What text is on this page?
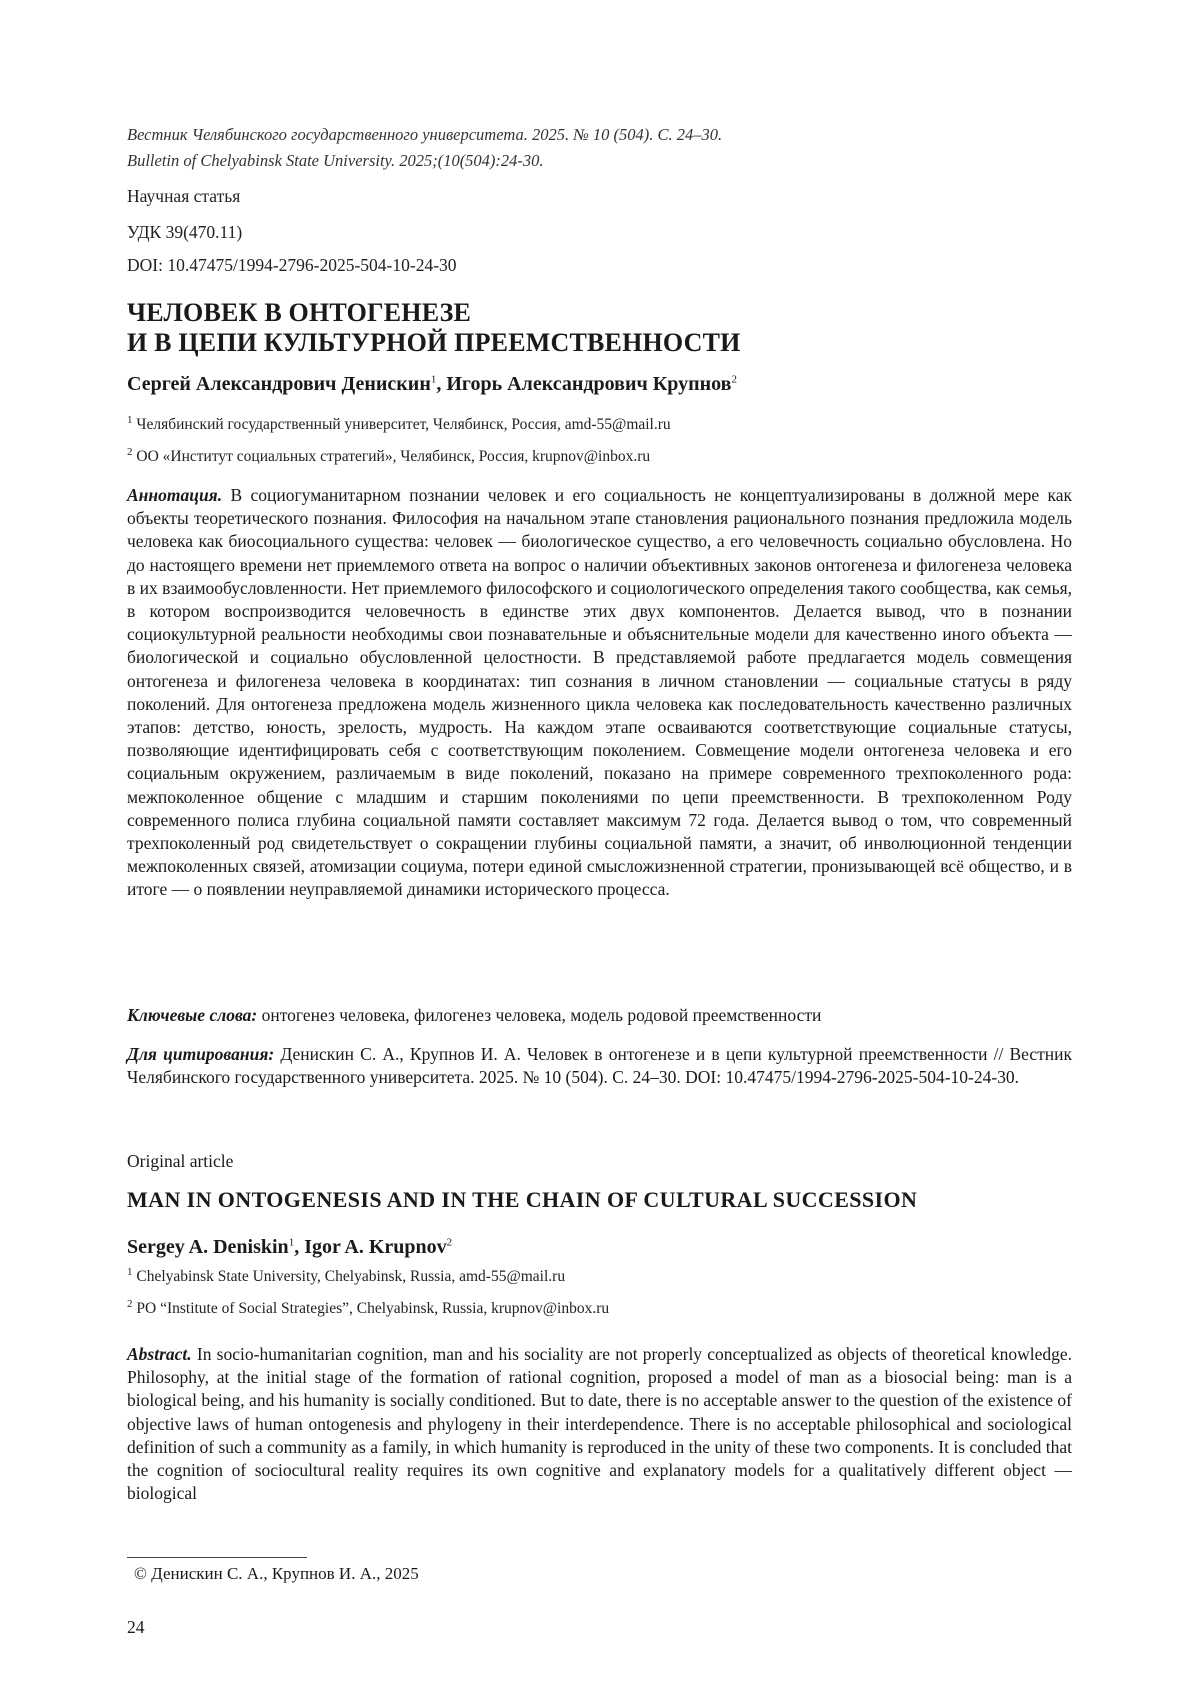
Вестник Челябинского государственного университета. 2025. № 10 (504). С. 24–30.
Bulletin of Chelyabinsk State University. 2025;(10(504):24-30.
Научная статья
УДК 39(470.11)
DOI: 10.47475/1994-2796-2025-504-10-24-30
ЧЕЛОВЕК В ОНТОГЕНЕЗЕ
И В ЦЕПИ КУЛЬТУРНОЙ ПРЕЕМСТВЕННОСТИ
Сергей Александрович Денискин$^1$, Игорь Александрович Крупнов$^2$
$^1$ Челябинский государственный университет, Челябинск, Россия, amd-55@mail.ru
$^2$ ОО «Институт социальных стратегий», Челябинск, Россия, krupnov@inbox.ru
Аннотация. В социогуманитарном познании человек и его социальность не концептуализированы в должной мере как объекты теоретического познания. Философия на начальном этапе становления рационального познания предложила модель человека как биосоциального существа: человек — биологическое существо, а его человечность социально обусловлена. Но до настоящего времени нет приемлемого ответа на вопрос о наличии объективных законов онтогенеза и филогенеза человека в их взаимообусловленности. Нет приемлемого философского и социологического определения такого сообщества, как семья, в котором воспроизводится человечность в единстве этих двух компонентов. Делается вывод, что в познании социокультурной реальности необходимы свои познавательные и объяснительные модели для качественно иного объекта — биологической и социально обусловленной целостности. В представляемой работе предлагается модель совмещения онтогенеза и филогенеза человека в координатах: тип сознания в личном становлении — социальные статусы в ряду поколений. Для онтогенеза предложена модель жизненного цикла человека как последовательность качественно различных этапов: детство, юность, зрелость, мудрость. На каждом этапе осваиваются соответствующие социальные статусы, позволяющие идентифицировать себя с соответствующим поколением. Совмещение модели онтогенеза человека и его социальным окружением, различаемым в виде поколений, показано на примере современного трехпоколенного рода: межпоколенное общение с младшим и старшим поколениями по цепи преемственности. В трехпоколенном Роду современного полиса глубина социальной памяти составляет максимум 72 года. Делается вывод о том, что современный трехпоколенный род свидетельствует о сокращении глубины социальной памяти, а значит, об инволюционной тенденции межпоколенных связей, атомизации социума, потери единой смысложизненной стратегии, пронизывающей всё общество, и в итоге — о появлении неуправляемой динамики исторического процесса.
Ключевые слова: онтогенез человека, филогенез человека, модель родовой преемственности
Для цитирования: Денискин С. А., Крупнов И. А. Человек в онтогенезе и в цепи культурной преемственности // Вестник Челябинского государственного университета. 2025. № 10 (504). С. 24–30. DOI: 10.47475/1994-2796-2025-504-10-24-30.
Original article
MAN IN ONTOGENESIS AND IN THE CHAIN OF CULTURAL SUCCESSION
Sergey A. Deniskin$^1$, Igor A. Krupnov$^2$
$^1$ Chelyabinsk State University, Chelyabinsk, Russia, amd-55@mail.ru
$^2$ PO “Institute of Social Strategies”, Chelyabinsk, Russia, krupnov@inbox.ru
Abstract. In socio-humanitarian cognition, man and his sociality are not properly conceptualized as objects of theoretical knowledge. Philosophy, at the initial stage of the formation of rational cognition, proposed a model of man as a biosocial being: man is a biological being, and his humanity is socially conditioned. But to date, there is no acceptable answer to the question of the existence of objective laws of human ontogenesis and phylogeny in their interdependence. There is no acceptable philosophical and sociological definition of such a community as a family, in which humanity is reproduced in the unity of these two components. It is concluded that the cognition of sociocultural reality requires its own cognitive and explanatory models for a qualitatively different object — biological
© Денискин С. А., Крупнов И. А., 2025
24
